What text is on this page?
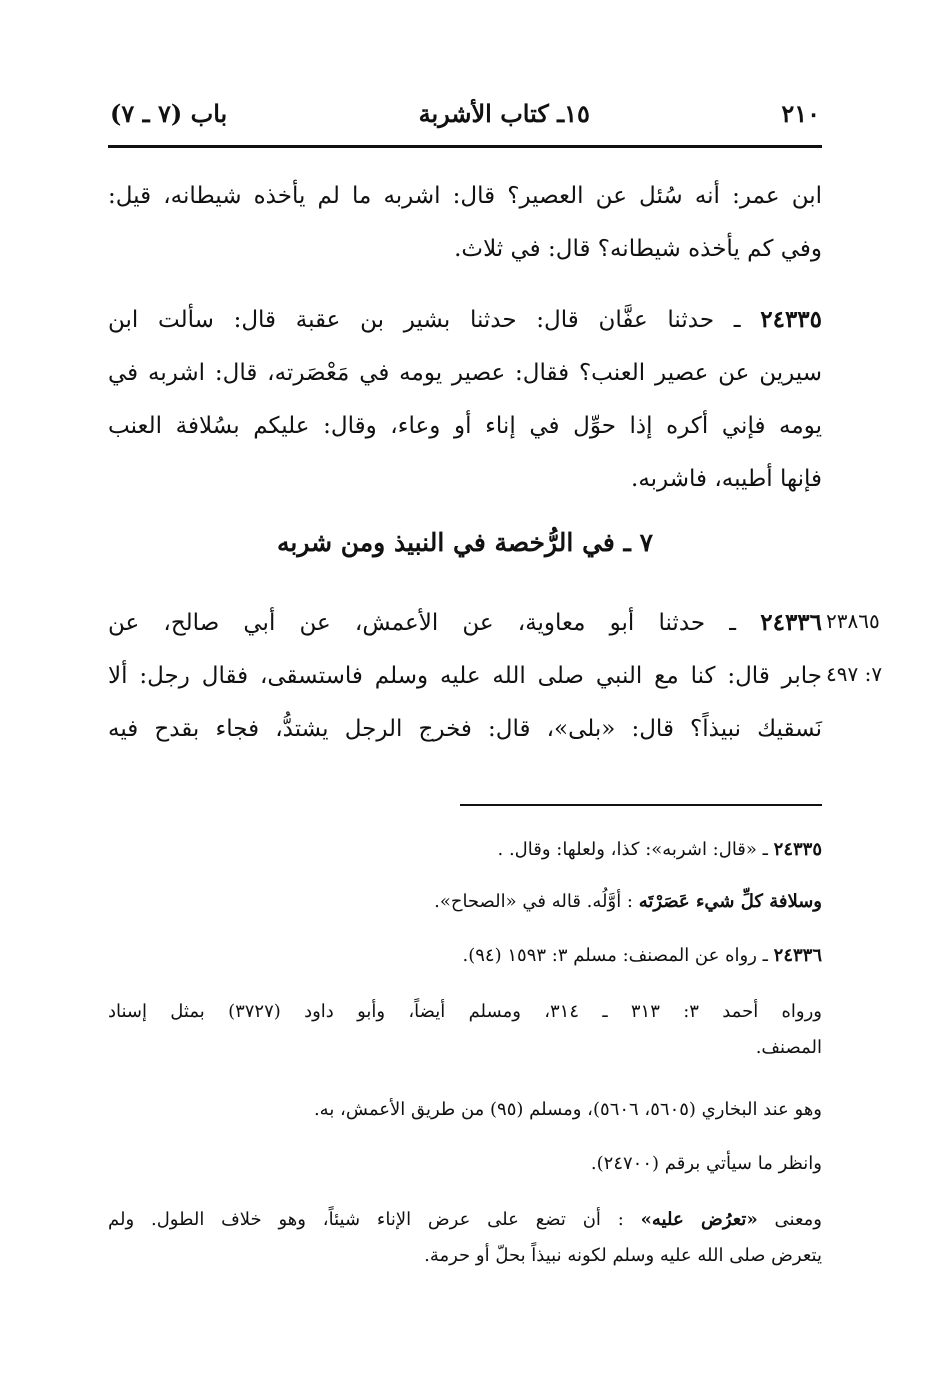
باب (٧ ـ ٧)	١٥ـ كتاب الأشربة	٢١٠
ابن عمر: أنه سُئل عن العصير؟ قال: اشربه ما لم يأخذه شيطانه، قيل:
وفي كم يأخذه شيطانه؟ قال: في ثلاث.
٢٤٣٣٥ ـ حدثنا عفَّان قال: حدثنا بشير بن عقبة قال: سألت ابن
سيرين عن عصير العنب؟ فقال: عصير يومه في مَعْصَرته، قال: اشربه في
يومه فإني أكره إذا حوِّل في إناء أو وعاء، وقال: عليكم بسُلافة العنب
فإنها أطيبه، فاشربه.
٧ ـ في الرُّخصة في النبيذ ومن شربه
٢٤٣٣٦ ـ حدثنا أبو معاوية، عن الأعمش، عن أبي صالح، عن
جابر قال: كنا مع النبي صلى الله عليه وسلم فاستسقى، فقال رجل: ألا
نَسقيك نبيذاً؟ قال: «بلى»، قال: فخرج الرجل يشتدُّ، فجاء بقدح فيه
٢٣٨٦٥
٧: ٤٩٧
٢٤٣٣٥ ـ «قال: اشربه»: كذا، ولعلها: وقال. .
وسلافة كلِّ شيء عَصَرْتَه : أوَّلُه. قاله في «الصحاح».
٢٤٣٣٦ ـ رواه عن المصنف: مسلم ٣: ١٥٩٣ (٩٤).
ورواه أحمد ٣: ٣١٣ ـ ٣١٤، ومسلم أيضاً، وأبو داود (٣٧٢٧) بمثل إسناد
المصنف.
وهو عند البخاري (٥٦٠٥، ٥٦٠٦)، ومسلم (٩٥) من طريق الأعمش، به.
وانظر ما سيأتي برقم (٢٤٧٠٠).
ومعنى «تعرُض عليه» : أن تضع على عرض الإناء شيئاً، وهو خلاف الطول. ولم
يتعرض صلى الله عليه وسلم لكونه نبيذاً بحلّ أو حرمة.
